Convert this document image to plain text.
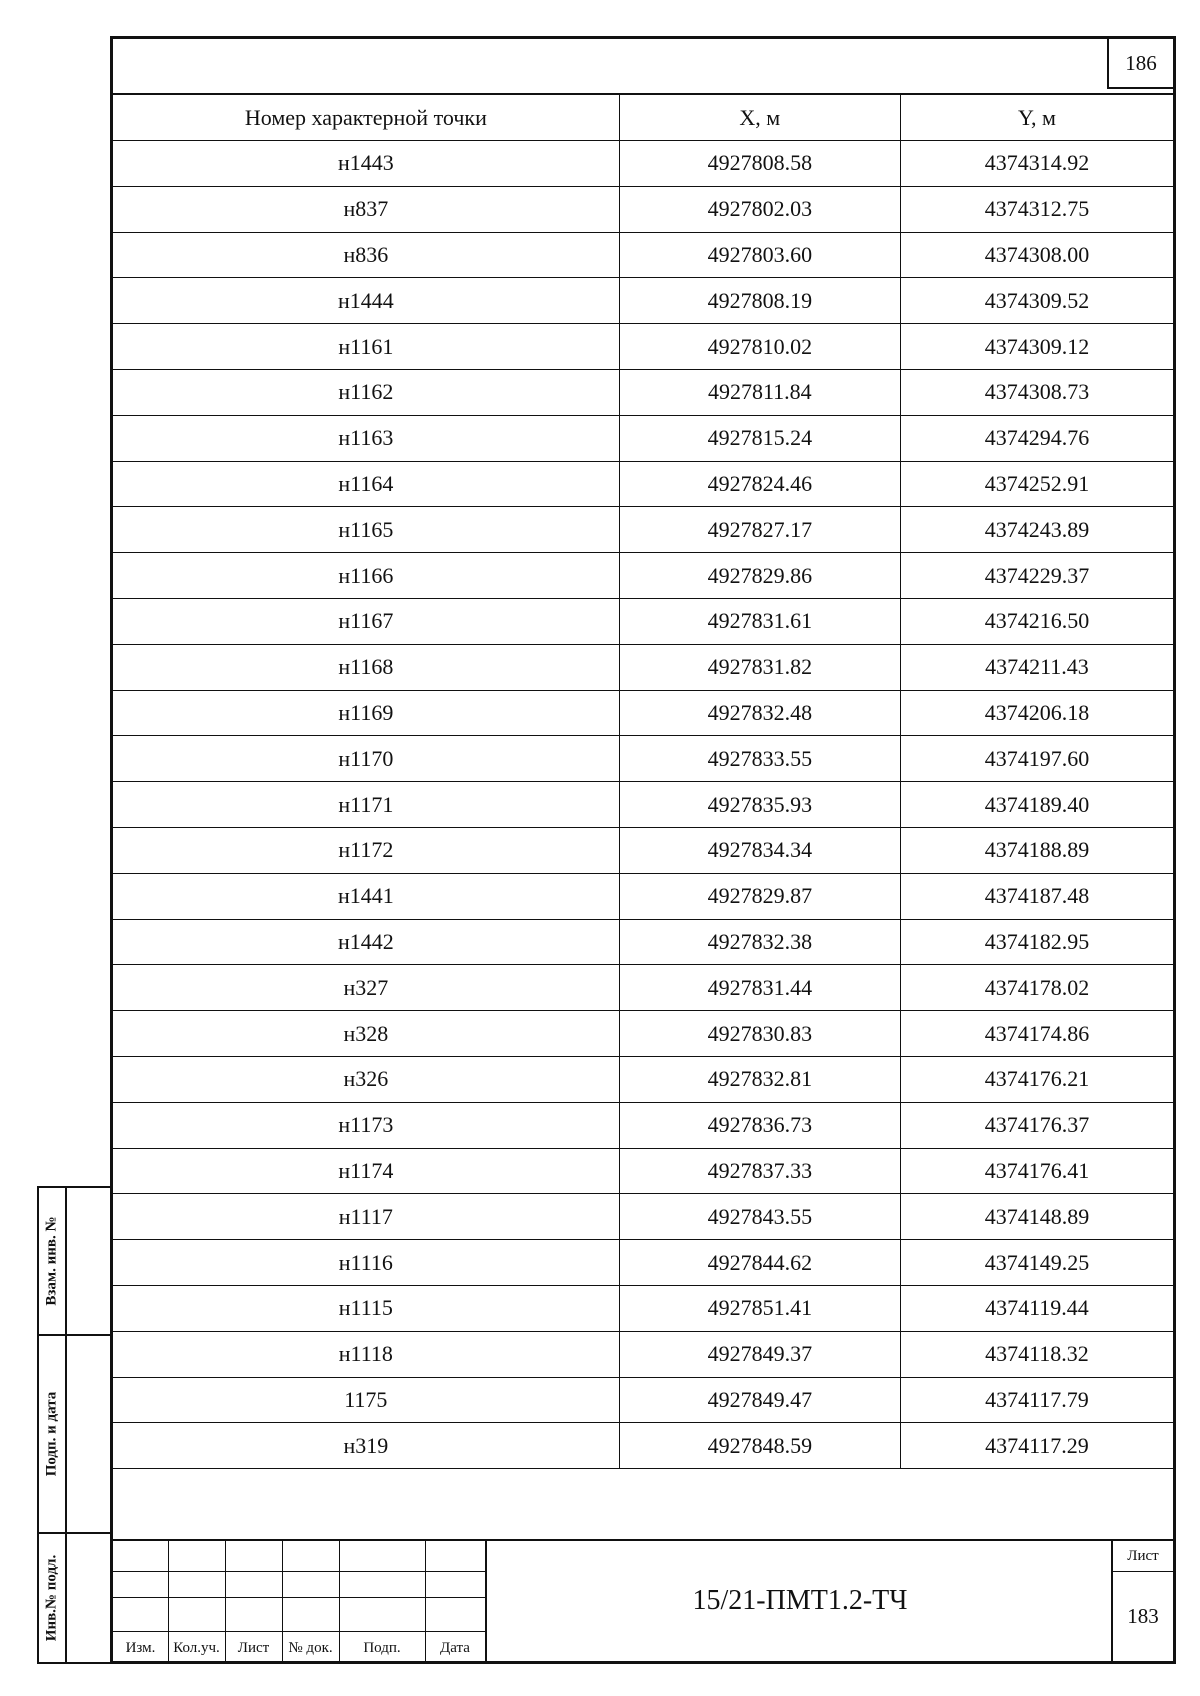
186
Номер характерной точки	X, м	Y, м
н1443	4927808.58	4374314.92
н837	4927802.03	4374312.75
н836	4927803.60	4374308.00
н1444	4927808.19	4374309.52
н1161	4927810.02	4374309.12
н1162	4927811.84	4374308.73
н1163	4927815.24	4374294.76
н1164	4927824.46	4374252.91
н1165	4927827.17	4374243.89
н1166	4927829.86	4374229.37
н1167	4927831.61	4374216.50
н1168	4927831.82	4374211.43
н1169	4927832.48	4374206.18
н1170	4927833.55	4374197.60
н1171	4927835.93	4374189.40
н1172	4927834.34	4374188.89
н1441	4927829.87	4374187.48
н1442	4927832.38	4374182.95
н327	4927831.44	4374178.02
н328	4927830.83	4374174.86
н326	4927832.81	4374176.21
н1173	4927836.73	4374176.37
н1174	4927837.33	4374176.41
н1117	4927843.55	4374148.89
н1116	4927844.62	4374149.25
н1115	4927851.41	4374119.44
н1118	4927849.37	4374118.32
1175	4927849.47	4374117.79
н319	4927848.59	4374117.29
Изм.	Кол.уч.	Лист	№ док.	Подп.	Дата
15/21-ПМТ1.2-ТЧ
Лист
183
Взам. инв. №
Подп. и дата
Инв.№ подл.
